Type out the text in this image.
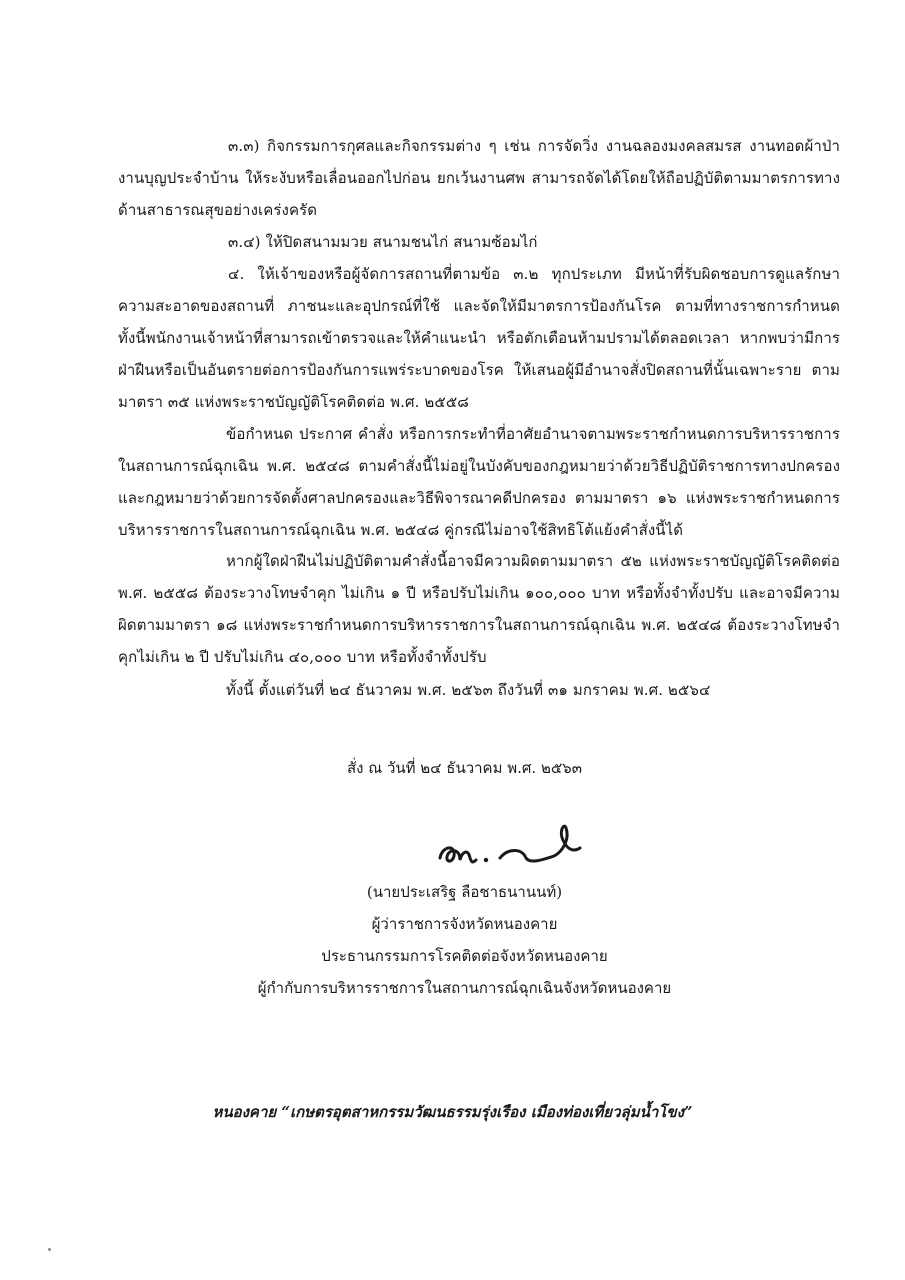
๓.๓) กิจกรรมการกุศลและกิจกรรมต่าง ๆ เช่น การจัดวิ่ง งานฉลองมงคลสมรส งานทอดผ้าป่า งานบุญประจำบ้าน ให้ระงับหรือเลื่อนออกไปก่อน ยกเว้นงานศพ สามารถจัดได้โดยให้ถือปฏิบัติตามมาตรการทางด้านสาธารณสุขอย่างเคร่งครัด
๓.๔) ให้ปิดสนามมวย สนามชนไก่ สนามซ้อมไก่
๔. ให้เจ้าของหรือผู้จัดการสถานที่ตามข้อ ๓.๒ ทุกประเภท มีหน้าที่รับผิดชอบการดูแลรักษาความสะอาดของสถานที่ ภาชนะและอุปกรณ์ที่ใช้ และจัดให้มีมาตรการป้องกันโรค ตามที่ทางราชการกำหนด ทั้งนี้พนักงานเจ้าหน้าที่สามารถเข้าตรวจและให้คำแนะนำ หรือตักเตือนห้ามปรามได้ตลอดเวลา หากพบว่ามีการฝ่าฝืนหรือเป็นอันตรายต่อการป้องกันการแพร่ระบาดของโรค ให้เสนอผู้มีอำนาจสั่งปิดสถานที่นั้นเฉพาะราย ตามมาตรา ๓๕ แห่งพระราชบัญญัติโรคติดต่อ พ.ศ. ๒๕๕๘
ข้อกำหนด ประกาศ คำสั่ง หรือการกระทำที่อาศัยอำนาจตามพระราชกำหนดการบริหารราชการในสถานการณ์ฉุกเฉิน พ.ศ. ๒๕๔๘ ตามคำสั่งนี้ไม่อยู่ในบังคับของกฎหมายว่าด้วยวิธีปฏิบัติราชการทางปกครอง และกฎหมายว่าด้วยการจัดตั้งศาลปกครองและวิธีพิจารณาคดีปกครอง ตามมาตรา ๑๖ แห่งพระราชกำหนดการบริหารราชการในสถานการณ์ฉุกเฉิน พ.ศ. ๒๕๔๘ คู่กรณีไม่อาจใช้สิทธิโต้แย้งคำสั่งนี้ได้
หากผู้ใดฝ่าฝืนไม่ปฏิบัติตามคำสั่งนี้อาจมีความผิดตามมาตรา ๕๒ แห่งพระราชบัญญัติโรคติดต่อ พ.ศ. ๒๕๕๘ ต้องระวางโทษจำคุก ไม่เกิน ๑ ปี หรือปรับไม่เกิน ๑๐๐,๐๐๐ บาท หรือทั้งจำทั้งปรับ และอาจมีความผิดตามมาตรา ๑๘ แห่งพระราชกำหนดการบริหารราชการในสถานการณ์ฉุกเฉิน พ.ศ. ๒๕๔๘ ต้องระวางโทษจำคุกไม่เกิน ๒ ปี ปรับไม่เกิน ๔๐,๐๐๐ บาท หรือทั้งจำทั้งปรับ
ทั้งนี้ ตั้งแต่วันที่ ๒๔ ธันวาคม พ.ศ. ๒๕๖๓ ถึงวันที่ ๓๑ มกราคม พ.ศ. ๒๕๖๔
สั่ง ณ วันที่ ๒๔ ธันวาคม พ.ศ. ๒๕๖๓
(นายประเสริฐ ลือชาธนานนท์)
ผู้ว่าราชการจังหวัดหนองคาย
ประธานกรรมการโรคติดต่อจังหวัดหนองคาย
ผู้กำกับการบริหารราชการในสถานการณ์ฉุกเฉินจังหวัดหนองคาย
หนองคาย “เกษตรอุตสาหกรรมวัฒนธรรมรุ่งเรือง เมืองท่องเที่ยวลุ่มน้ำโขง”
